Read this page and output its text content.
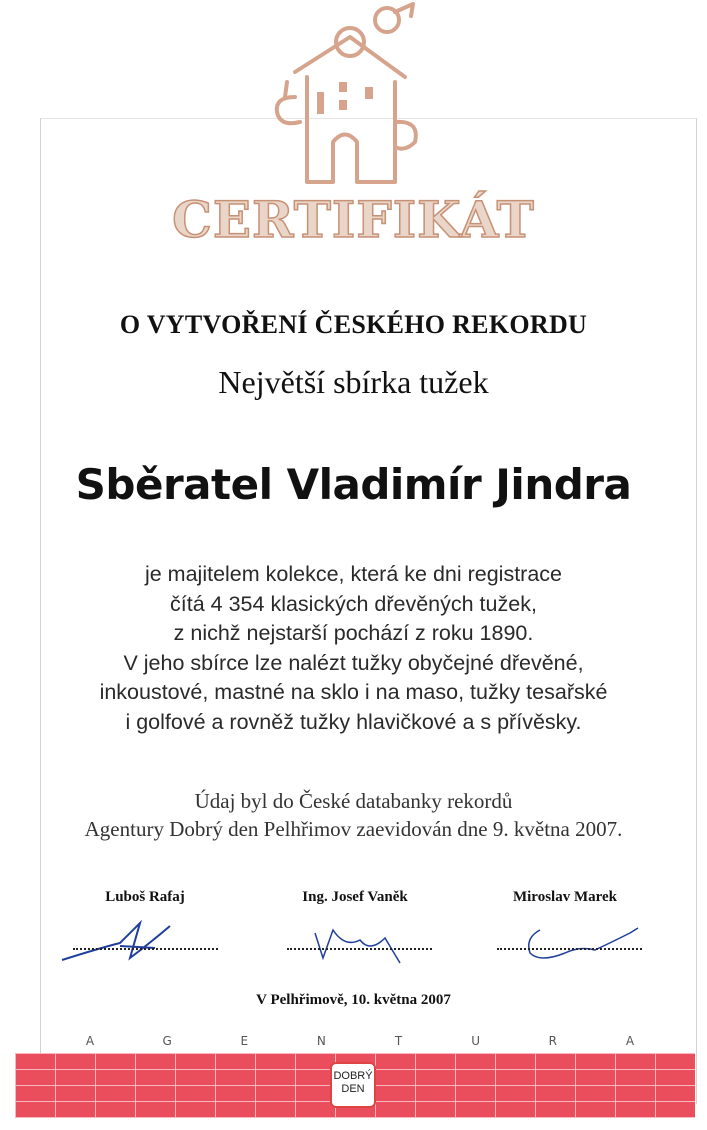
CERTIFIKÁT
O VYTVOŘENÍ ČESKÉHO REKORDU
Největší sbírka tužek
Sběratel Vladimír Jindra
je majitelem kolekce, která ke dni registrace
čítá 4 354 klasických dřevěných tužek,
z nichž nejstarší pochází z roku 1890.
V jeho sbírce lze nalézt tužky obyčejné dřevěné,
inkoustové, mastné na sklo i na maso, tužky tesařské
i golfové a rovněž tužky hlavičkové a s přívěsky.
Údaj byl do České databanky rekordů
Agentury Dobrý den Pelhřimov zaevidován dne 9. května 2007.
Luboš Rafaj	Ing. Josef Vaněk	Miroslav Marek
V Pelhřimově, 10. května 2007
A	G	E	N	T	U	R	A
DOBRÝ
DEN
